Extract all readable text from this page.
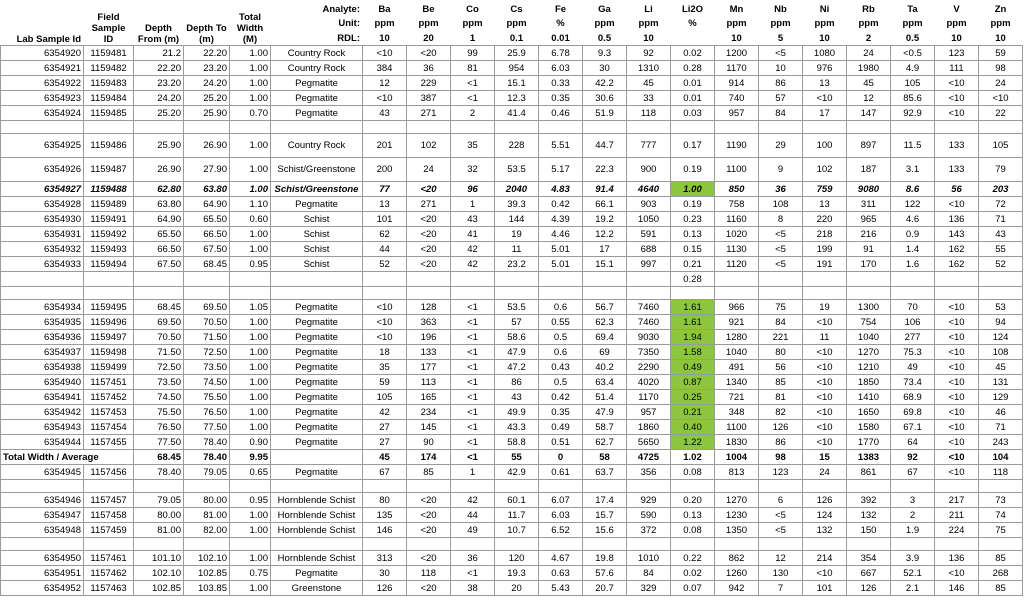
Lab Sample Id	Field Sample ID	Depth From (m)	Depth To (m)	Total Width (M)	Analyte:	Ba	Be	Co	Cs	Fe	Ga	Li	Li2O	Mn	Nb	Ni	Rb	Ta	V	Zn
					Unit:	ppm	ppm	ppm	ppm	%	ppm	ppm	%	ppm	ppm	ppm	ppm	ppm	ppm	ppm
					RDL:	10	20	1	0.1	0.01	0.5	10		10	5	10	2	0.5	10	10
6354920	1159481	21.2	22.20	1.00	Country Rock	<10	<20	99	25.9	6.78	9.3	92	0.02	1200	<5	1080	24	<0.5	123	59
6354921	1159482	22.20	23.20	1.00	Country Rock	384	36	81	954	6.03	30	1310	0.28	1170	10	976	1980	4.9	111	98
6354922	1159483	23.20	24.20	1.00	Pegmatite	12	229	<1	15.1	0.33	42.2	45	0.01	914	86	13	45	105	<10	24
6354923	1159484	24.20	25.20	1.00	Pegmatite	<10	387	<1	12.3	0.35	30.6	33	0.01	740	57	<10	12	85.6	<10	<10
6354924	1159485	25.20	25.90	0.70	Pegmatite	43	271	2	41.4	0.46	51.9	118	0.03	957	84	17	147	92.9	<10	22

6354925	1159486	25.90	26.90	1.00	Country Rock	201	102	35	228	5.51	44.7	777	0.17	1190	29	100	897	11.5	133	105
6354926	1159487	26.90	27.90	1.00	Schist/Greenstone	200	24	32	53.5	5.17	22.3	900	0.19	1100	9	102	187	3.1	133	79
6354927	1159488	62.80	63.80	1.00	Schist/Greenstone	77	<20	96	2040	4.83	91.4	4640	1.00	850	36	759	9080	8.6	56	203
6354928	1159489	63.80	64.90	1.10	Pegmatite	13	271	1	39.3	0.42	66.1	903	0.19	758	108	13	311	122	<10	72
6354930	1159491	64.90	65.50	0.60	Schist	101	<20	43	144	4.39	19.2	1050	0.23	1160	8	220	965	4.6	136	71
6354931	1159492	65.50	66.50	1.00	Schist	62	<20	41	19	4.46	12.2	591	0.13	1020	<5	218	216	0.9	143	43
6354932	1159493	66.50	67.50	1.00	Schist	44	<20	42	11	5.01	17	688	0.15	1130	<5	199	91	1.4	162	55
6354933	1159494	67.50	68.45	0.95	Schist	52	<20	42	23.2	5.01	15.1	997	0.21	1120	<5	191	170	1.6	162	52
													0.28							

6354934	1159495	68.45	69.50	1.05	Pegmatite	<10	128	<1	53.5	0.6	56.7	7460	1.61	966	75	19	1300	70	<10	53
6354935	1159496	69.50	70.50	1.00	Pegmatite	<10	363	<1	57	0.55	62.3	7460	1.61	921	84	<10	754	106	<10	94
6354936	1159497	70.50	71.50	1.00	Pegmatite	<10	196	<1	58.6	0.5	69.4	9030	1.94	1280	221	11	1040	277	<10	124
6354937	1159498	71.50	72.50	1.00	Pegmatite	18	133	<1	47.9	0.6	69	7350	1.58	1040	80	<10	1270	75.3	<10	108
6354938	1159499	72.50	73.50	1.00	Pegmatite	35	177	<1	47.2	0.43	40.2	2290	0.49	491	56	<10	1210	49	<10	45
6354940	1157451	73.50	74.50	1.00	Pegmatite	59	113	<1	86	0.5	63.4	4020	0.87	1340	85	<10	1850	73.4	<10	131
6354941	1157452	74.50	75.50	1.00	Pegmatite	105	165	<1	43	0.42	51.4	1170	0.25	721	81	<10	1410	68.9	<10	129
6354942	1157453	75.50	76.50	1.00	Pegmatite	42	234	<1	49.9	0.35	47.9	957	0.21	348	82	<10	1650	69.8	<10	46
6354943	1157454	76.50	77.50	1.00	Pegmatite	27	145	<1	43.3	0.49	58.7	1860	0.40	1100	126	<10	1580	67.1	<10	71
6354944	1157455	77.50	78.40	0.90	Pegmatite	27	90	<1	58.8	0.51	62.7	5650	1.22	1830	86	<10	1770	64	<10	243
Total Width / Average		68.45	78.40	9.95		45	174	<1	55	0	58	4725	1.02	1004	98	15	1383	92	<10	104
6354945	1157456	78.40	79.05	0.65	Pegmatite	67	85	1	42.9	0.61	63.7	356	0.08	813	123	24	861	67	<10	118

6354946	1157457	79.05	80.00	0.95	Hornblende Schist	80	<20	42	60.1	6.07	17.4	929	0.20	1270	6	126	392	3	217	73
6354947	1157458	80.00	81.00	1.00	Hornblende Schist	135	<20	44	11.7	6.03	15.7	590	0.13	1230	<5	124	132	2	211	74
6354948	1157459	81.00	82.00	1.00	Hornblende Schist	146	<20	49	10.7	6.52	15.6	372	0.08	1350	<5	132	150	1.9	224	75

6354950	1157461	101.10	102.10	1.00	Hornblende Schist	313	<20	36	120	4.67	19.8	1010	0.22	862	12	214	354	3.9	136	85
6354951	1157462	102.10	102.85	0.75	Pegmatite	30	118	<1	19.3	0.63	57.6	84	0.02	1260	130	<10	667	52.1	<10	268
6354952	1157463	102.85	103.85	1.00	Greenstone	126	<20	38	20	5.43	20.7	329	0.07	942	7	101	126	2.1	146	85
